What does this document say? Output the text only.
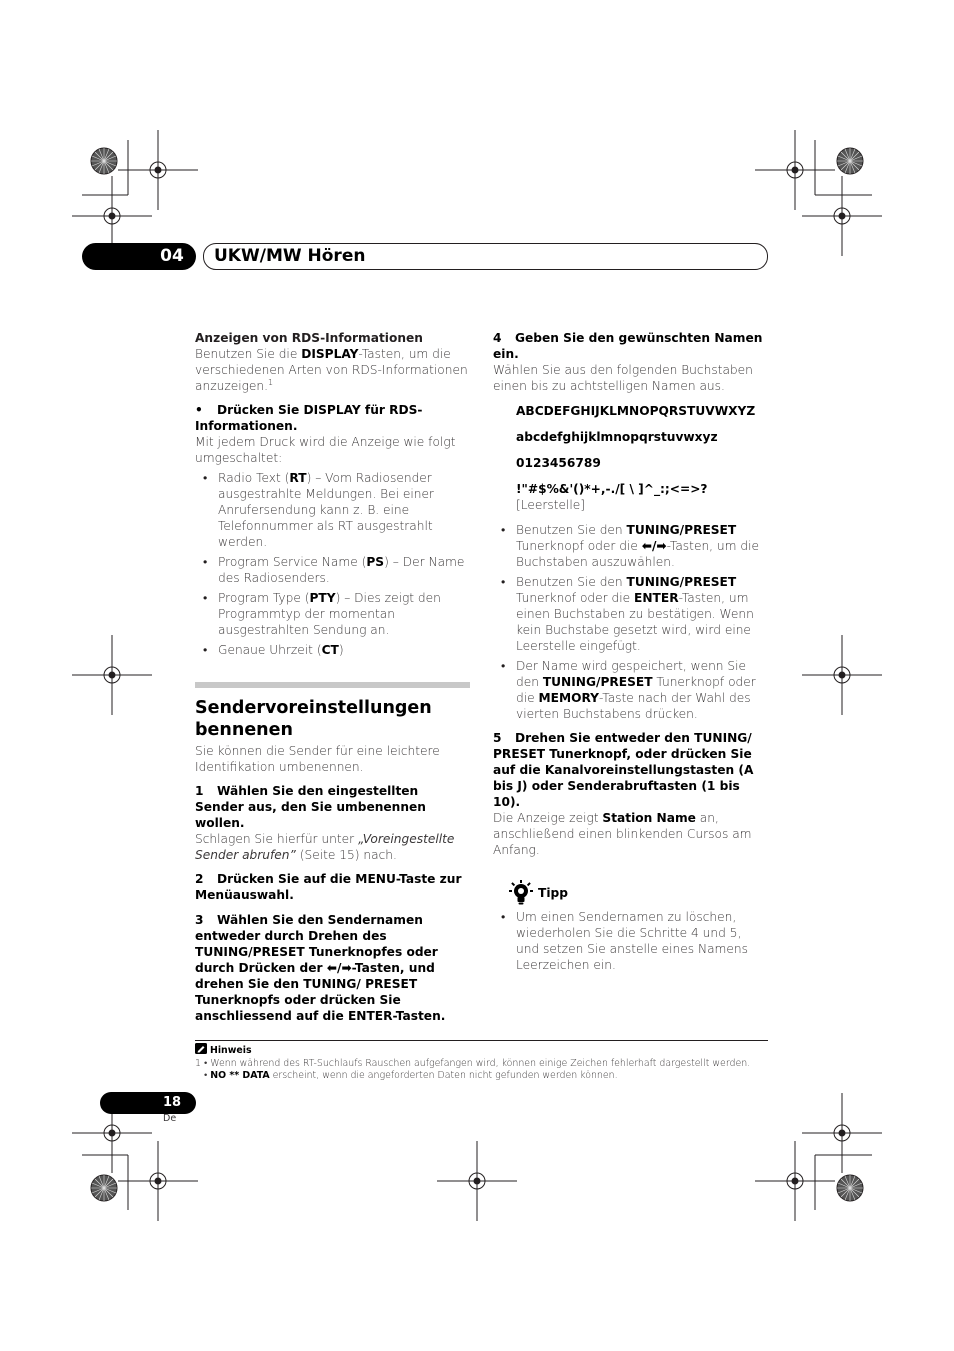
04	UKW/MW Hören

Anzeigen von RDS-Informationen

Benutzen Sie die DISPLAY-Tasten, um die verschiedenen Arten von RDS-Informationen anzuzeigen.$^1$

• Drücken Sie DISPLAY für RDS-Informationen.

Mit jedem Druck wird die Anzeige wie folgt umgeschaltet:

• Radio Text (RT) – Vom Radiosender ausgestrahlte Meldungen. Bei einer Anrufersendung kann z. B. eine Telefonnummer als RT ausgestrahlt werden.
• Program Service Name (PS) – Der Name des Radiosenders.
• Program Type (PTY) – Dies zeigt den Programmtyp der momentan ausgestrahlten Sendung an.
• Genaue Uhrzeit (CT)
Sendervoreinstellungen bennenen

Sie können die Sender für eine leichtere Identifikation umbenennen.

1 Wählen Sie den eingestellten Sender aus, den Sie umbenennen wollen.

Schlagen Sie hierfür unter „Voreingestellte Sender abrufen” (Seite 15) nach.

2 Drücken Sie auf die MENU-Taste zur Menüauswahl.

3 Wählen Sie den Sendernamen entweder durch Drehen des TUNING/PRESET Tunerknopfes oder durch Drücken der ⬅/➡-Tasten, und drehen Sie den TUNING/ PRESET Tunerknopfs oder drücken Sie anschliessend auf die ENTER-Tasten.

4 Geben Sie den gewünschten Namen ein.

Wählen Sie aus den folgenden Buchstaben einen bis zu achtstelligen Namen aus.

ABCDEFGHIJKLMNOPQRSTUVWXYZ

abcdefghijklmnopqrstuvwxyz

0123456789

!"#$%&'()*+,-./[ \ ]^_:;<=>? [Leerstelle]

• Benutzen Sie den TUNING/PRESET Tunerknopf oder die ⬅/➡-Tasten, um die Buchstaben auszuwählen.
• Benutzen Sie den TUNING/PRESET Tunerknof oder die ENTER-Tasten, um einen Buchstaben zu bestätigen. Wenn kein Buchstabe gesetzt wird, wird eine Leerstelle eingefügt.
• Der Name wird gespeichert, wenn Sie den TUNING/PRESET Tunerknopf oder die MEMORY-Taste nach der Wahl des vierten Buchstabens drücken.

5 Drehen Sie entweder den TUNING/ PRESET Tunerknopf, oder drücken Sie auf die Kanalvoreinstellungstasten (A bis J) oder Senderabruftasten (1 bis 10).

Die Anzeige zeigt Station Name an, anschließend einen blinkenden Cursos am Anfang.

Tipp
• Um einen Sendernamen zu löschen, wiederholen Sie die Schritte 4 und 5, und setzen Sie anstelle eines Namens Leerzeichen ein.
Hinweis
1 • Wenn während des RT-Suchlaufs Rauschen aufgefangen wird, können einige Zeichen fehlerhaft dargestellt werden.
• NO ** DATA erscheint, wenn die angeforderten Daten nicht gefunden werden können.
18
De
